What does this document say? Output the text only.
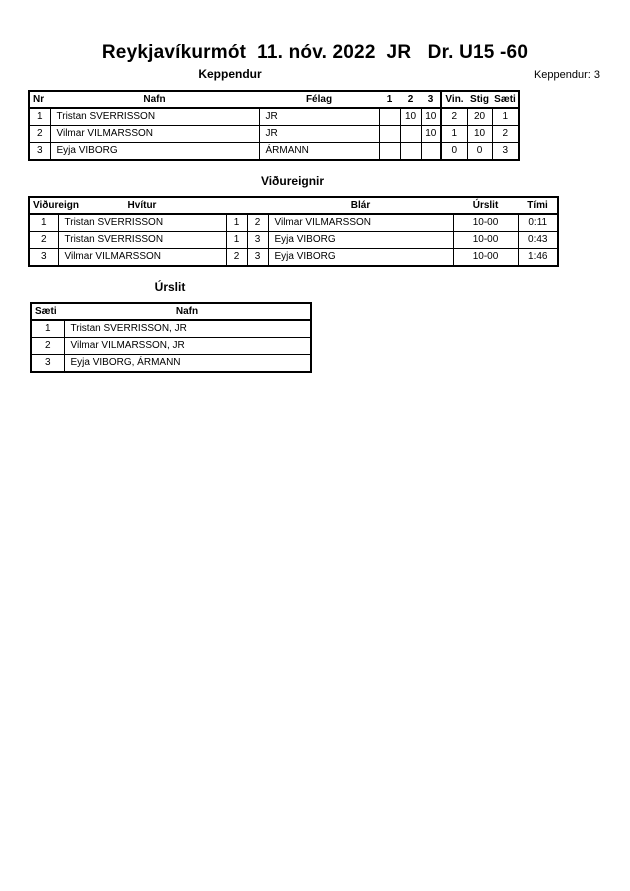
Reykjavíkurmót  11. nóv. 2022  JR   Dr. U15 -60
Keppendur	Keppendur: 3
Nr	Nafn	Félag	1	2	3	Vin.	Stig	Sæti
1	Tristan SVERRISSON	JR		10	10	2	20	1
2	Vilmar VILMARSSON	JR			10	1	10	2
3	Eyja VIBORG	ÁRMANN				0	0	3
Viðureignir
Viðureign	Hvítur			Blár	Úrslit	Tími
1	Tristan SVERRISSON	1	2	Vilmar VILMARSSON	10-00	0:11
2	Tristan SVERRISSON	1	3	Eyja VIBORG	10-00	0:43
3	Vilmar VILMARSSON	2	3	Eyja VIBORG	10-00	1:46
Úrslit
Sæti	Nafn
1	Tristan SVERRISSON, JR
2	Vilmar VILMARSSON, JR
3	Eyja VIBORG, ÁRMANN
